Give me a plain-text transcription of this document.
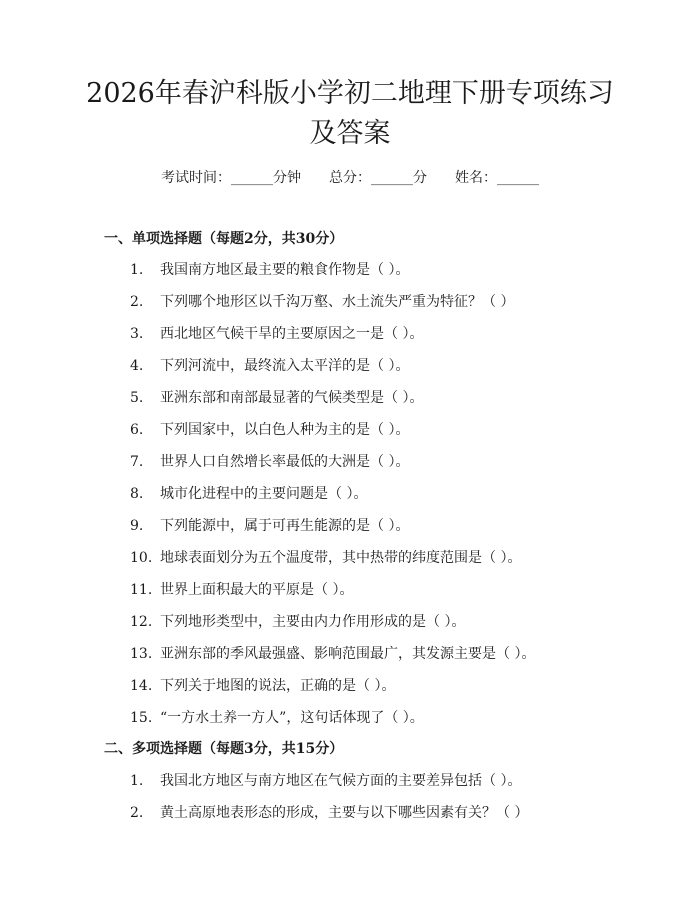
2026年春沪科版小学初二地理下册专项练习
及答案
考试时间：______分钟 总分：______分 姓名：______
一、单项选择题（每题2分，共30分）
1. 我国南方地区最主要的粮食作物是（ ）。
2. 下列哪个地形区以千沟万壑、水土流失严重为特征？（ ）
3. 西北地区气候干旱的主要原因之一是（ ）。
4. 下列河流中，最终流入太平洋的是（ ）。
5. 亚洲东部和南部最显著的气候类型是（ ）。
6. 下列国家中，以白色人种为主的是（ ）。
7. 世界人口自然增长率最低的大洲是（ ）。
8. 城市化进程中的主要问题是（ ）。
9. 下列能源中，属于可再生能源的是（ ）。
10. 地球表面划分为五个温度带，其中热带的纬度范围是（ ）。
11. 世界上面积最大的平原是（ ）。
12. 下列地形类型中，主要由内力作用形成的是（ ）。
13. 亚洲东部的季风最强盛、影响范围最广，其发源主要是（ ）。
14. 下列关于地图的说法，正确的是（ ）。
15. “一方水土养一方人”，这句话体现了（ ）。
二、多项选择题（每题3分，共15分）
1. 我国北方地区与南方地区在气候方面的主要差异包括（ ）。
2. 黄土高原地表形态的形成，主要与以下哪些因素有关？（ ）
